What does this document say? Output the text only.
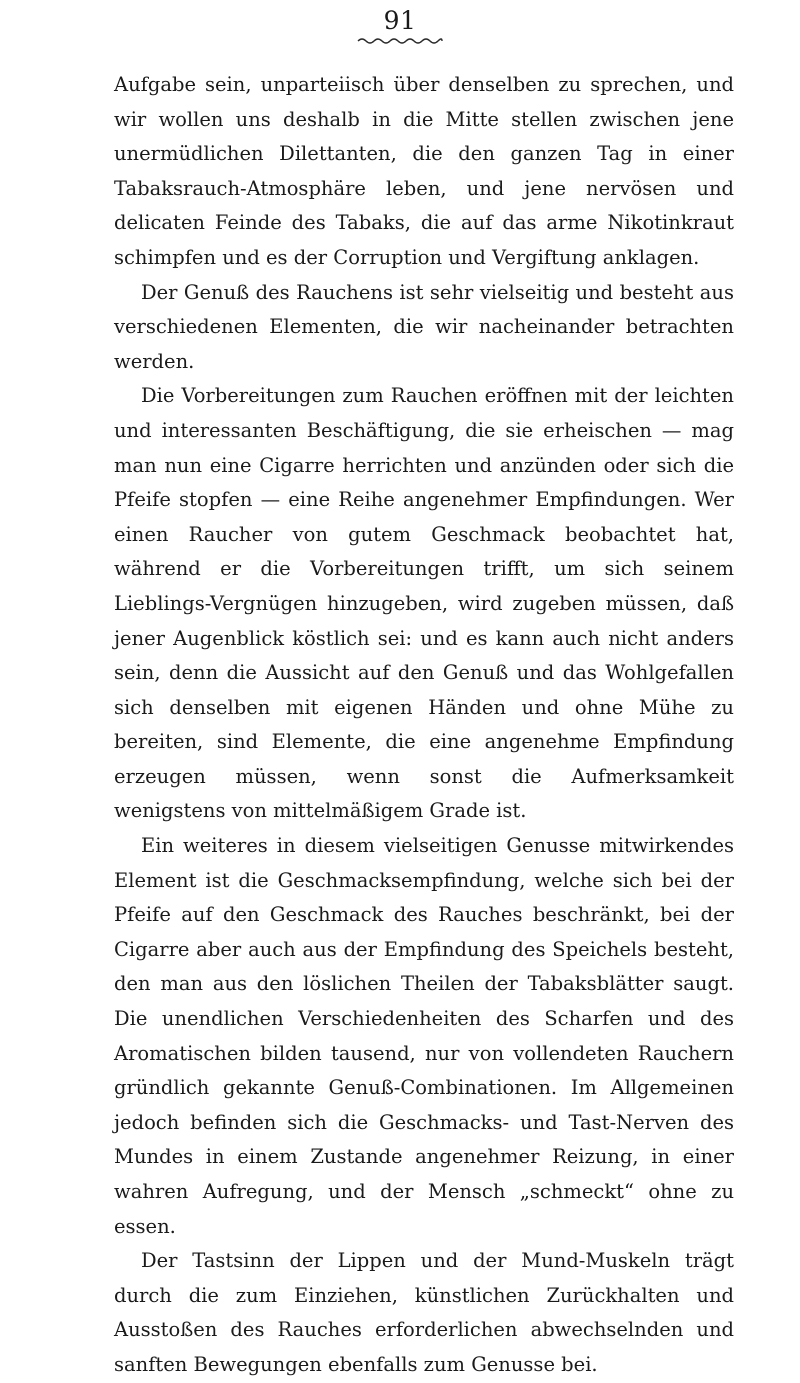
91

Aufgabe sein, unparteiisch über denselben zu sprechen, und wir wollen uns deshalb in die Mitte stellen zwischen jene unermüdlichen Dilettanten, die den ganzen Tag in einer Tabaksrauch-Atmosphäre leben, und jene nervösen und delicaten Feinde des Tabaks, die auf das arme Nikotinkraut schimpfen und es der Corruption und Vergiftung anklagen.

Der Genuß des Rauchens ist sehr vielseitig und besteht aus verschiedenen Elementen, die wir nacheinander betrachten werden.

Die Vorbereitungen zum Rauchen eröffnen mit der leichten und interessanten Beschäftigung, die sie erheischen — mag man nun eine Cigarre herrichten und anzünden oder sich die Pfeife stopfen — eine Reihe angenehmer Empfindungen. Wer einen Raucher von gutem Geschmack beobachtet hat, während er die Vorbereitungen trifft, um sich seinem Lieblings-Vergnügen hinzugeben, wird zugeben müssen, daß jener Augenblick köstlich sei: und es kann auch nicht anders sein, denn die Aussicht auf den Genuß und das Wohlgefallen sich denselben mit eigenen Händen und ohne Mühe zu bereiten, sind Elemente, die eine angenehme Empfindung erzeugen müssen, wenn sonst die Aufmerksamkeit wenigstens von mittelmäßigem Grade ist.

Ein weiteres in diesem vielseitigen Genusse mitwirkendes Element ist die Geschmacksempfindung, welche sich bei der Pfeife auf den Geschmack des Rauches beschränkt, bei der Cigarre aber auch aus der Empfindung des Speichels besteht, den man aus den löslichen Theilen der Tabaksblätter saugt. Die unendlichen Verschiedenheiten des Scharfen und des Aromatischen bilden tausend, nur von vollendeten Rauchern gründlich gekannte Genuß-Combinationen. Im Allgemeinen jedoch befinden sich die Geschmacks- und Tast-Nerven des Mundes in einem Zustande angenehmer Reizung, in einer wahren Aufregung, und der Mensch „schmeckt“ ohne zu essen.

Der Tastsinn der Lippen und der Mund-Muskeln trägt durch die zum Einziehen, künstlichen Zurückhalten und Ausstoßen des Rauches erforderlichen abwechselnden und sanften Bewegungen ebenfalls zum Genusse bei.
